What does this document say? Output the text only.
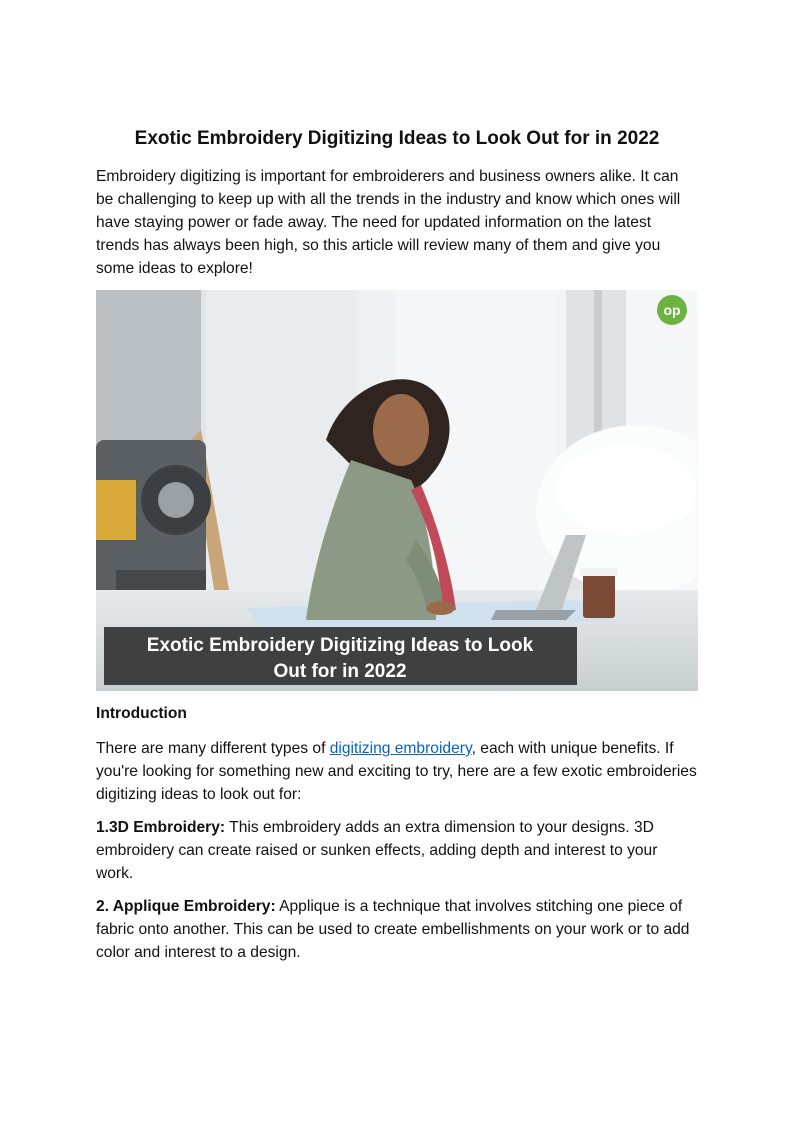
Exotic Embroidery Digitizing Ideas to Look Out for in 2022

Embroidery digitizing is important for embroiderers and business owners alike. It can be challenging to keep up with all the trends in the industry and know which ones will have staying power or fade away. The need for updated information on the latest trends has always been high, so this article will review many of them and give you some ideas to explore!

op
Exotic Embroidery Digitizing Ideas to Look
Out for in 2022
Introduction

There are many different types of digitizing embroidery, each with unique benefits. If you're looking for something new and exciting to try, here are a few exotic embroideries digitizing ideas to look out for:

1.3D Embroidery: This embroidery adds an extra dimension to your designs. 3D embroidery can create raised or sunken effects, adding depth and interest to your work.

2. Applique Embroidery: Applique is a technique that involves stitching one piece of fabric onto another. This can be used to create embellishments on your work or to add color and interest to a design.
